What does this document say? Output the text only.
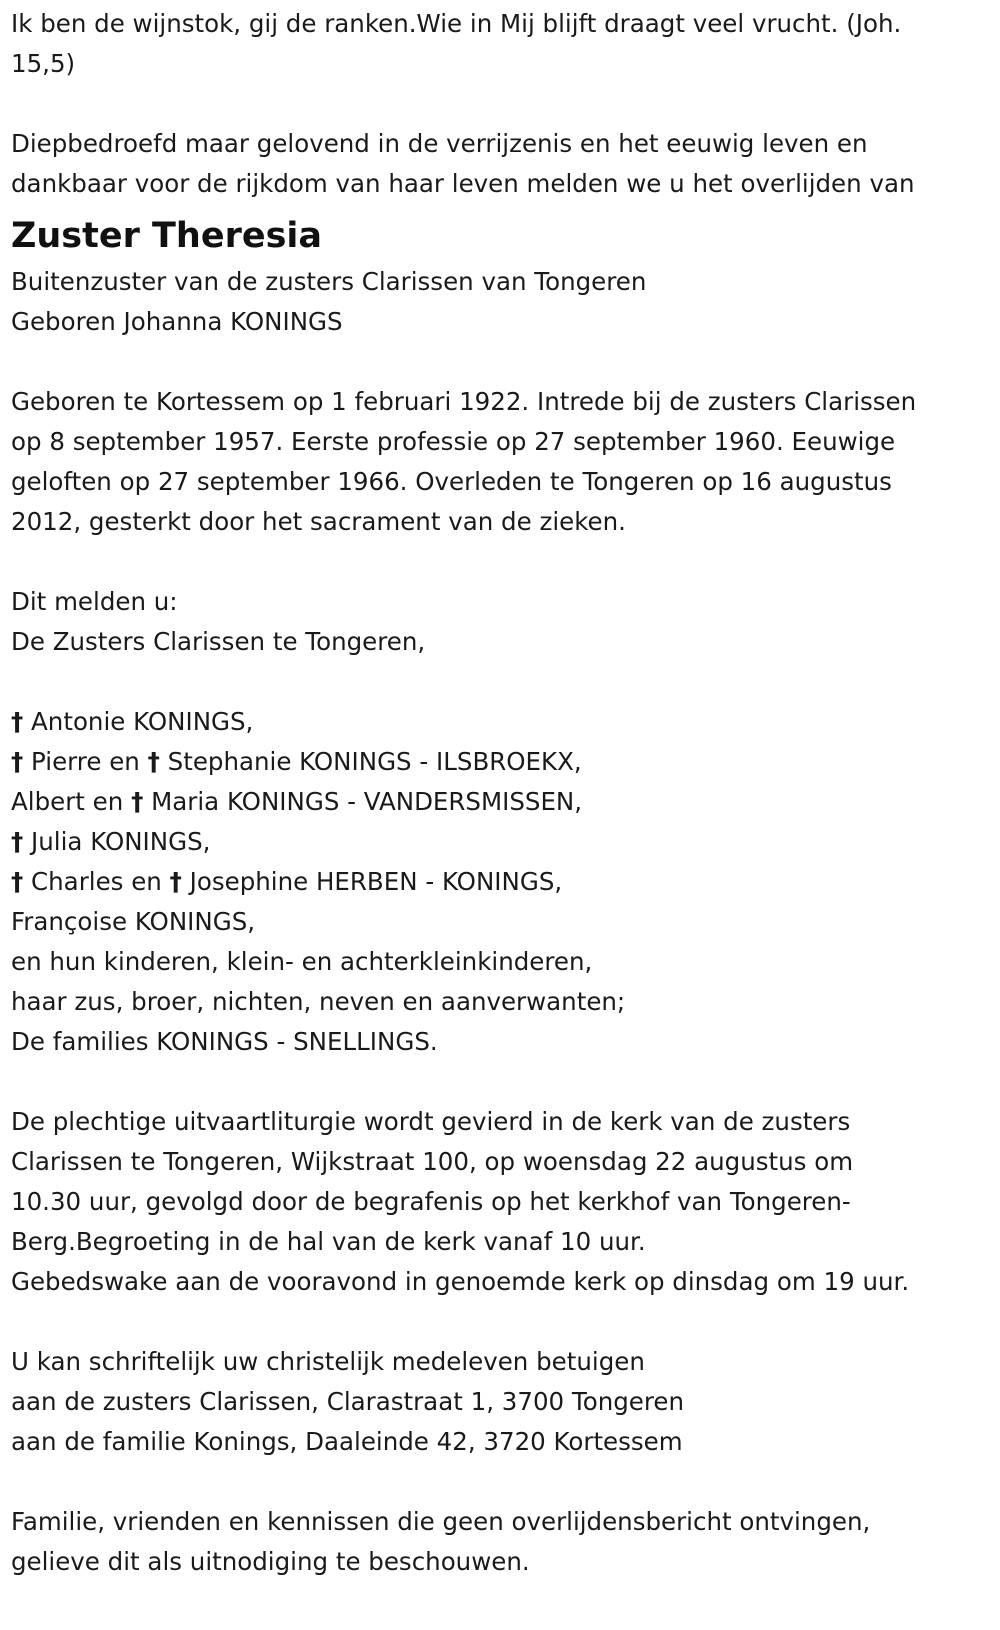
Ik ben de wijnstok, gij de ranken.Wie in Mij blijft draagt veel vrucht. (Joh.
15,5)
Diepbedroefd maar gelovend in de verrijzenis en het eeuwig leven en
dankbaar voor de rijkdom van haar leven melden we u het overlijden van
Zuster Theresia
Buitenzuster van de zusters Clarissen van Tongeren
Geboren Johanna KONINGS
Geboren te Kortessem op 1 februari 1922. Intrede bij de zusters Clarissen
op 8 september 1957. Eerste professie op 27 september 1960. Eeuwige
geloften op 27 september 1966. Overleden te Tongeren op 16 augustus
2012, gesterkt door het sacrament van de zieken.
Dit melden u:
De Zusters Clarissen te Tongeren,
† Antonie KONINGS,
† Pierre en † Stephanie KONINGS - ILSBROEKX,
Albert en † Maria KONINGS - VANDERSMISSEN,
† Julia KONINGS,
† Charles en † Josephine HERBEN - KONINGS,
Françoise KONINGS,
en hun kinderen, klein- en achterkleinkinderen,
haar zus, broer, nichten, neven en aanverwanten;
De families KONINGS - SNELLINGS.
De plechtige uitvaartliturgie wordt gevierd in de kerk van de zusters
Clarissen te Tongeren, Wijkstraat 100, op woensdag 22 augustus om
10.30 uur, gevolgd door de begrafenis op het kerkhof van Tongeren-
Berg.Begroeting in de hal van de kerk vanaf 10 uur.
Gebedswake aan de vooravond in genoemde kerk op dinsdag om 19 uur.
U kan schriftelijk uw christelijk medeleven betuigen
aan de zusters Clarissen, Clarastraat 1, 3700 Tongeren
aan de familie Konings, Daaleinde 42, 3720 Kortessem
Familie, vrienden en kennissen die geen overlijdensbericht ontvingen,
gelieve dit als uitnodiging te beschouwen.
